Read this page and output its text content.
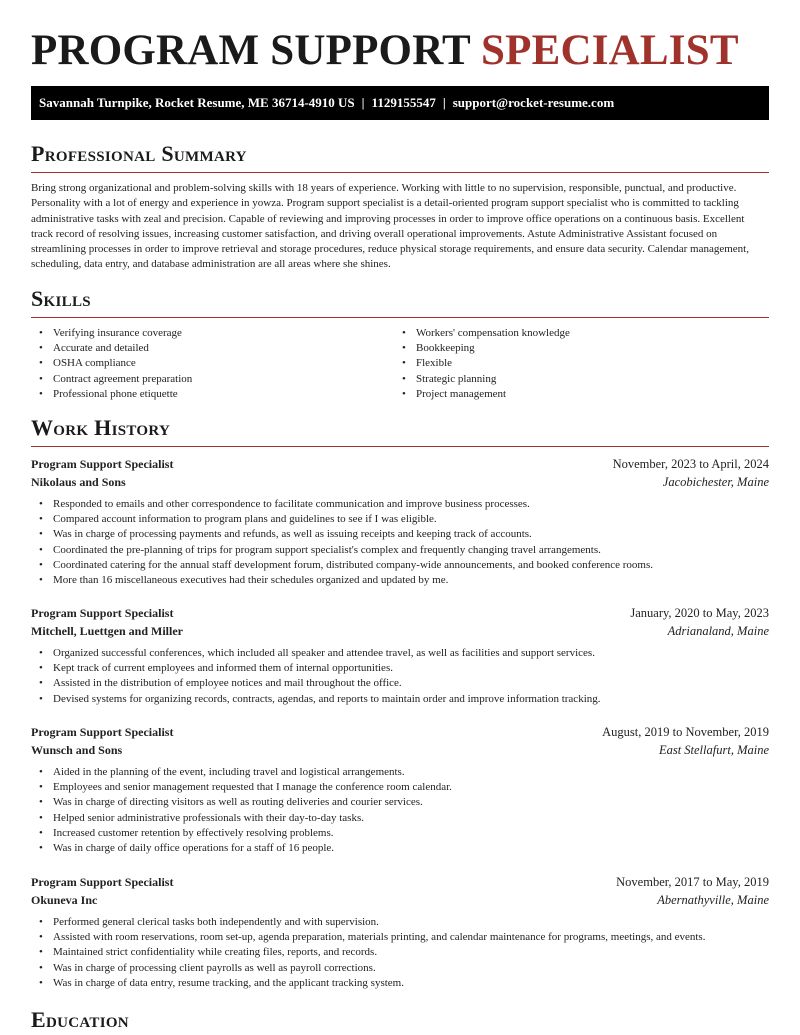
PROGRAM SUPPORT SPECIALIST
Savannah Turnpike, Rocket Resume, ME 36714-4910 US | 1129155547 | support@rocket-resume.com
Professional Summary

Bring strong organizational and problem-solving skills with 18 years of experience. Working with little to no supervision, responsible, punctual, and productive. Personality with a lot of energy and experience in yowza. Program support specialist is a detail-oriented program support specialist who is committed to tackling administrative tasks with zeal and precision. Capable of reviewing and improving processes in order to improve office operations on a continuous basis. Excellent track record of resolving issues, increasing customer satisfaction, and driving overall operational improvements. Astute Administrative Assistant focused on streamlining processes in order to improve retrieval and storage procedures, reduce physical storage requirements, and ensure data security. Calendar management, scheduling, data entry, and database administration are all areas where she shines.

Skills
• Verifying insurance coverage
• Accurate and detailed
• OSHA compliance
• Contract agreement preparation
• Professional phone etiquette
• Workers' compensation knowledge
• Bookkeeping
• Flexible
• Strategic planning
• Project management
Work History
Program Support Specialist	November, 2023 to April, 2024
Nikolaus and Sons	Jacobichester, Maine
• Responded to emails and other correspondence to facilitate communication and improve business processes.
• Compared account information to program plans and guidelines to see if I was eligible.
• Was in charge of processing payments and refunds, as well as issuing receipts and keeping track of accounts.
• Coordinated the pre-planning of trips for program support specialist's complex and frequently changing travel arrangements.
• Coordinated catering for the annual staff development forum, distributed company-wide announcements, and booked conference rooms.
• More than 16 miscellaneous executives had their schedules organized and updated by me.
Program Support Specialist	January, 2020 to May, 2023
Mitchell, Luettgen and Miller	Adrianaland, Maine
• Organized successful conferences, which included all speaker and attendee travel, as well as facilities and support services.
• Kept track of current employees and informed them of internal opportunities.
• Assisted in the distribution of employee notices and mail throughout the office.
• Devised systems for organizing records, contracts, agendas, and reports to maintain order and improve information tracking.
Program Support Specialist	August, 2019 to November, 2019
Wunsch and Sons	East Stellafurt, Maine
• Aided in the planning of the event, including travel and logistical arrangements.
• Employees and senior management requested that I manage the conference room calendar.
• Was in charge of directing visitors as well as routing deliveries and courier services.
• Helped senior administrative professionals with their day-to-day tasks.
• Increased customer retention by effectively resolving problems.
• Was in charge of daily office operations for a staff of 16 people.
Program Support Specialist	November, 2017 to May, 2019
Okuneva Inc	Abernathyville, Maine
• Performed general clerical tasks both independently and with supervision.
• Assisted with room reservations, room set-up, agenda preparation, materials printing, and calendar maintenance for programs, meetings, and events.
• Maintained strict confidentiality while creating files, reports, and records.
• Was in charge of processing client payrolls as well as payroll corrections.
• Was in charge of data entry, resume tracking, and the applicant tracking system.
Education
